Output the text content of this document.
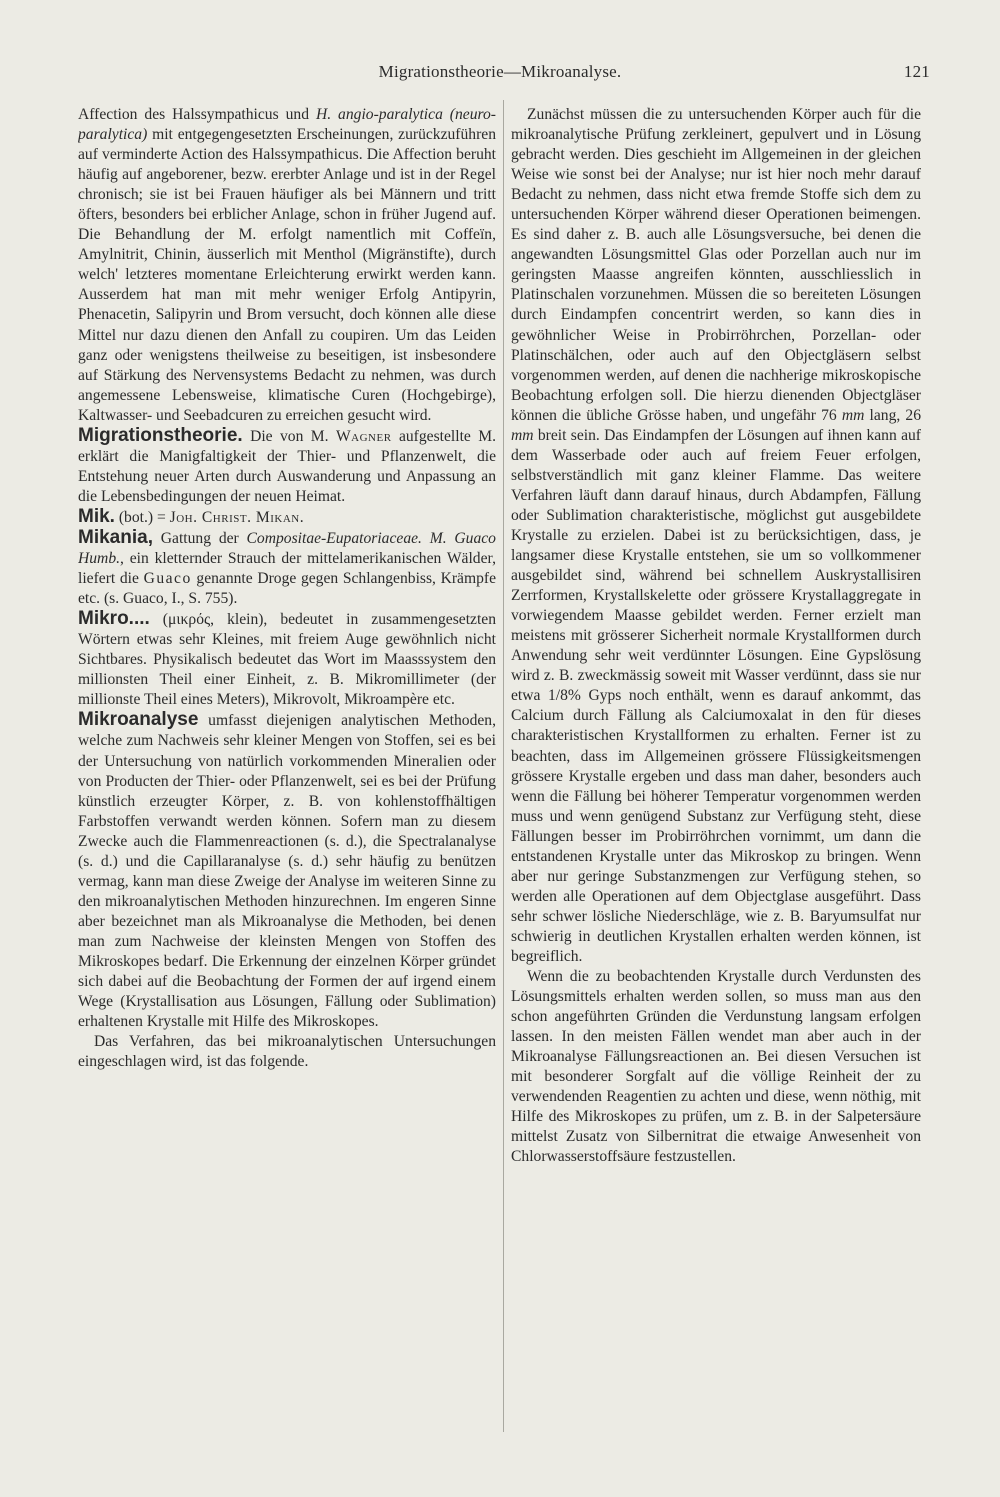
Migrationstheorie—Mikroanalyse.	121

Affection des Halssympathicus und H. angio-paralytica (neuro-paralytica) mit entgegengesetzten Erscheinungen, zurückzuführen auf verminderte Action des Halssympathicus. Die Affection beruht häufig auf angeborener, bezw. ererbter Anlage und ist in der Regel chronisch; sie ist bei Frauen häufiger als bei Männern und tritt öfters, besonders bei erblicher Anlage, schon in früher Jugend auf. Die Behandlung der M. erfolgt namentlich mit Coffeïn, Amylnitrit, Chinin, äusserlich mit Menthol (Migränstifte), durch welch' letzteres momentane Erleichterung erwirkt werden kann. Ausserdem hat man mit mehr weniger Erfolg Antipyrin, Phenacetin, Salipyrin und Brom versucht, doch können alle diese Mittel nur dazu dienen den Anfall zu coupiren. Um das Leiden ganz oder wenigstens theilweise zu beseitigen, ist insbesondere auf Stärkung des Nervensystems Bedacht zu nehmen, was durch angemessene Lebensweise, klimatische Curen (Hochgebirge), Kaltwasser- und Seebadcuren zu erreichen gesucht wird.

Migrationstheorie. Die von M. Wagner aufgestellte M. erklärt die Manigfaltigkeit der Thier- und Pflanzenwelt, die Entstehung neuer Arten durch Auswanderung und Anpassung an die Lebensbedingungen der neuen Heimat.

Mik. (bot.) = Joh. Christ. Mikan.

Mikania, Gattung der Compositae-Eupatoriaceae. M. Guaco Humb., ein kletternder Strauch der mittelamerikanischen Wälder, liefert die Guaco genannte Droge gegen Schlangenbiss, Krämpfe etc. (s. Guaco, I., S. 755).

Mikro.... (μικρός, klein), bedeutet in zusammengesetzten Wörtern etwas sehr Kleines, mit freiem Auge gewöhnlich nicht Sichtbares. Physikalisch bedeutet das Wort im Maasssystem den millionsten Theil einer Einheit, z. B. Mikromillimeter (der millionste Theil eines Meters), Mikrovolt, Mikroampère etc.

Mikroanalyse umfasst diejenigen analytischen Methoden, welche zum Nachweis sehr kleiner Mengen von Stoffen, sei es bei der Untersuchung von natürlich vorkommenden Mineralien oder von Producten der Thier- oder Pflanzenwelt, sei es bei der Prüfung künstlich erzeugter Körper, z. B. von kohlenstoffhältigen Farbstoffen verwandt werden können. Sofern man zu diesem Zwecke auch die Flammenreactionen (s. d.), die Spectralanalyse (s. d.) und die Capillaranalyse (s. d.) sehr häufig zu benützen vermag, kann man diese Zweige der Analyse im weiteren Sinne zu den mikroanalytischen Methoden hinzurechnen. Im engeren Sinne aber bezeichnet man als Mikroanalyse die Methoden, bei denen man zum Nachweise der kleinsten Mengen von Stoffen des Mikroskopes bedarf. Die Erkennung der einzelnen Körper gründet sich dabei auf die Beobachtung der Formen der auf irgend einem Wege (Krystallisation aus Lösungen, Fällung oder Sublimation) erhaltenen Krystalle mit Hilfe des Mikroskopes.

Das Verfahren, das bei mikroanalytischen Untersuchungen eingeschlagen wird, ist das folgende.

Zunächst müssen die zu untersuchenden Körper auch für die mikroanalytische Prüfung zerkleinert, gepulvert und in Lösung gebracht werden. Dies geschieht im Allgemeinen in der gleichen Weise wie sonst bei der Analyse; nur ist hier noch mehr darauf Bedacht zu nehmen, dass nicht etwa fremde Stoffe sich dem zu untersuchenden Körper während dieser Operationen beimengen. Es sind daher z. B. auch alle Lösungsversuche, bei denen die angewandten Lösungsmittel Glas oder Porzellan auch nur im geringsten Maasse angreifen könnten, ausschliesslich in Platinschalen vorzunehmen. Müssen die so bereiteten Lösungen durch Eindampfen concentrirt werden, so kann dies in gewöhnlicher Weise in Probirröhrchen, Porzellan- oder Platinschälchen, oder auch auf den Objectgläsern selbst vorgenommen werden, auf denen die nachherige mikroskopische Beobachtung erfolgen soll. Die hierzu dienenden Objectgläser können die übliche Grösse haben, und ungefähr 76 mm lang, 26 mm breit sein. Das Eindampfen der Lösungen auf ihnen kann auf dem Wasserbade oder auch auf freiem Feuer erfolgen, selbstverständlich mit ganz kleiner Flamme. Das weitere Verfahren läuft dann darauf hinaus, durch Abdampfen, Fällung oder Sublimation charakteristische, möglichst gut ausgebildete Krystalle zu erzielen. Dabei ist zu berücksichtigen, dass, je langsamer diese Krystalle entstehen, sie um so vollkommener ausgebildet sind, während bei schnellem Auskrystallisiren Zerrformen, Krystallskelette oder grössere Krystallaggregate in vorwiegendem Maasse gebildet werden. Ferner erzielt man meistens mit grösserer Sicherheit normale Krystallformen durch Anwendung sehr weit verdünnter Lösungen. Eine Gypslösung wird z. B. zweckmässig soweit mit Wasser verdünnt, dass sie nur etwa 1/8% Gyps noch enthält, wenn es darauf ankommt, das Calcium durch Fällung als Calciumoxalat in den für dieses charakteristischen Krystallformen zu erhalten. Ferner ist zu beachten, dass im Allgemeinen grössere Flüssigkeitsmengen grössere Krystalle ergeben und dass man daher, besonders auch wenn die Fällung bei höherer Temperatur vorgenommen werden muss und wenn genügend Substanz zur Verfügung steht, diese Fällungen besser im Probirröhrchen vornimmt, um dann die entstandenen Krystalle unter das Mikroskop zu bringen. Wenn aber nur geringe Substanzmengen zur Verfügung stehen, so werden alle Operationen auf dem Objectglase ausgeführt. Dass sehr schwer lösliche Niederschläge, wie z. B. Baryumsulfat nur schwierig in deutlichen Krystallen erhalten werden können, ist begreiflich.

Wenn die zu beobachtenden Krystalle durch Verdunsten des Lösungsmittels erhalten werden sollen, so muss man aus den schon angeführten Gründen die Verdunstung langsam erfolgen lassen. In den meisten Fällen wendet man aber auch in der Mikroanalyse Fällungsreactionen an. Bei diesen Versuchen ist mit besonderer Sorgfalt auf die völlige Reinheit der zu verwendenden Reagentien zu achten und diese, wenn nöthig, mit Hilfe des Mikroskopes zu prüfen, um z. B. in der Salpetersäure mittelst Zusatz von Silbernitrat die etwaige Anwesenheit von Chlorwasserstoffsäure festzustellen.
